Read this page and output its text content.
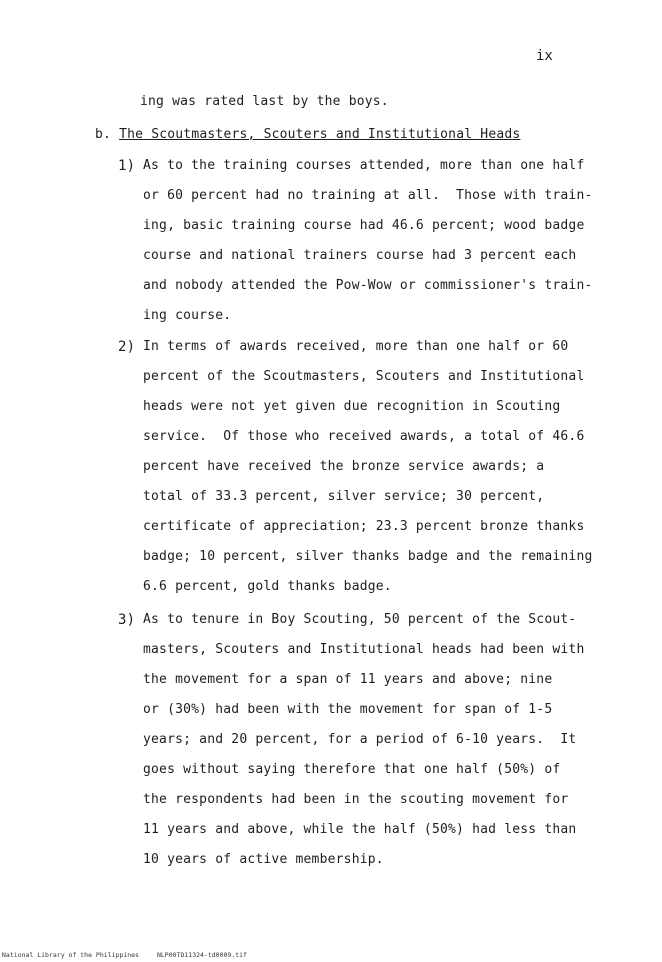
ix
ing was rated last by the boys.
b. The Scoutmasters, Scouters and Institutional Heads
1) As to the training courses attended, more than one half
or 60 percent had no training at all.  Those with train-
ing, basic training course had 46.6 percent; wood badge
course and national trainers course had 3 percent each
and nobody attended the Pow-Wow or commissioner's train-
ing course.
2) In terms of awards received, more than one half or 60
percent of the Scoutmasters, Scouters and Institutional
heads were not yet given due recognition in Scouting
service.  Of those who received awards, a total of 46.6
percent have received the bronze service awards; a
total of 33.3 percent, silver service; 30 percent,
certificate of appreciation; 23.3 percent bronze thanks
badge; 10 percent, silver thanks badge and the remaining
6.6 percent, gold thanks badge.
3) As to tenure in Boy Scouting, 50 percent of the Scout-
masters, Scouters and Institutional heads had been with
the movement for a span of 11 years and above; nine
or (30%) had been with the movement for span of 1-5
years; and 20 percent, for a period of 6-10 years.  It
goes without saying therefore that one half (50%) of
the respondents had been in the scouting movement for
11 years and above, while the half (50%) had less than
10 years of active membership.
National Library of the Philippines	NLP00TD11324-td0009.tif
